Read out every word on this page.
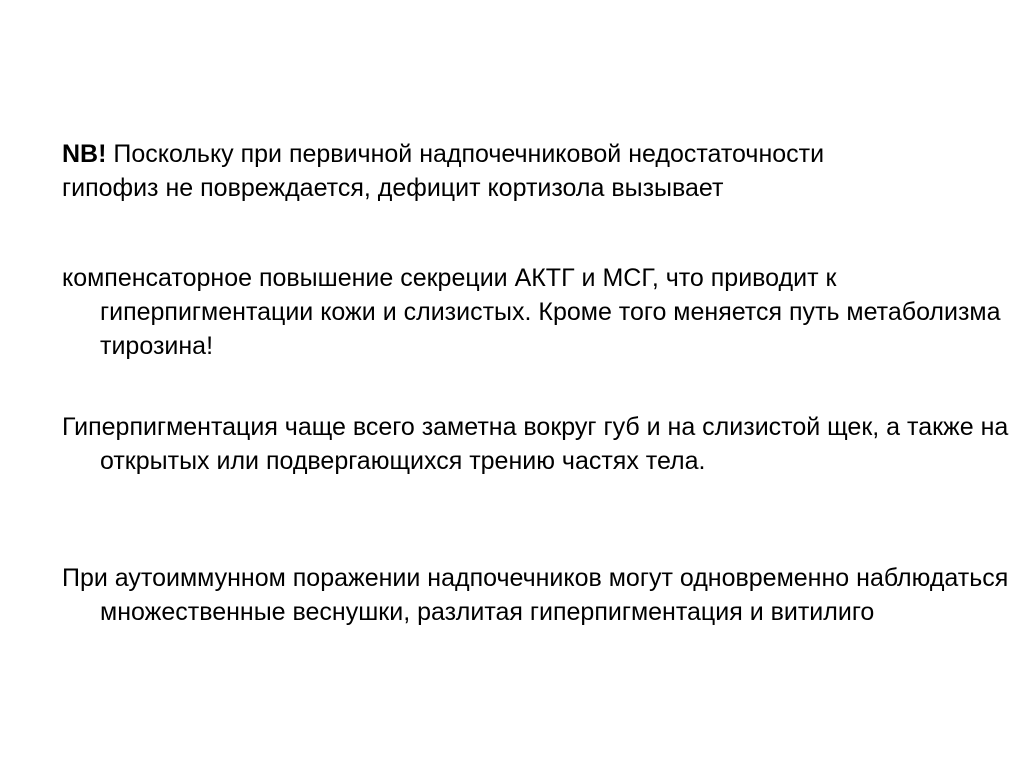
NB! Поскольку при первичной надпочечниковой недостаточности
гипофиз не повреждается, дефицит кортизола вызывает
компенсаторное повышение секреции АКТГ и МСГ, что приводит к гиперпигментации кожи и слизистых. Кроме того меняется путь метаболизма тирозина!
Гиперпигментация чаще всего заметна вокруг губ и на слизистой щек, а также на открытых или подвергающихся трению частях тела.
При аутоиммунном поражении надпочечников могут одновременно наблюдаться множественные веснушки, разлитая гиперпигментация и витилиго
